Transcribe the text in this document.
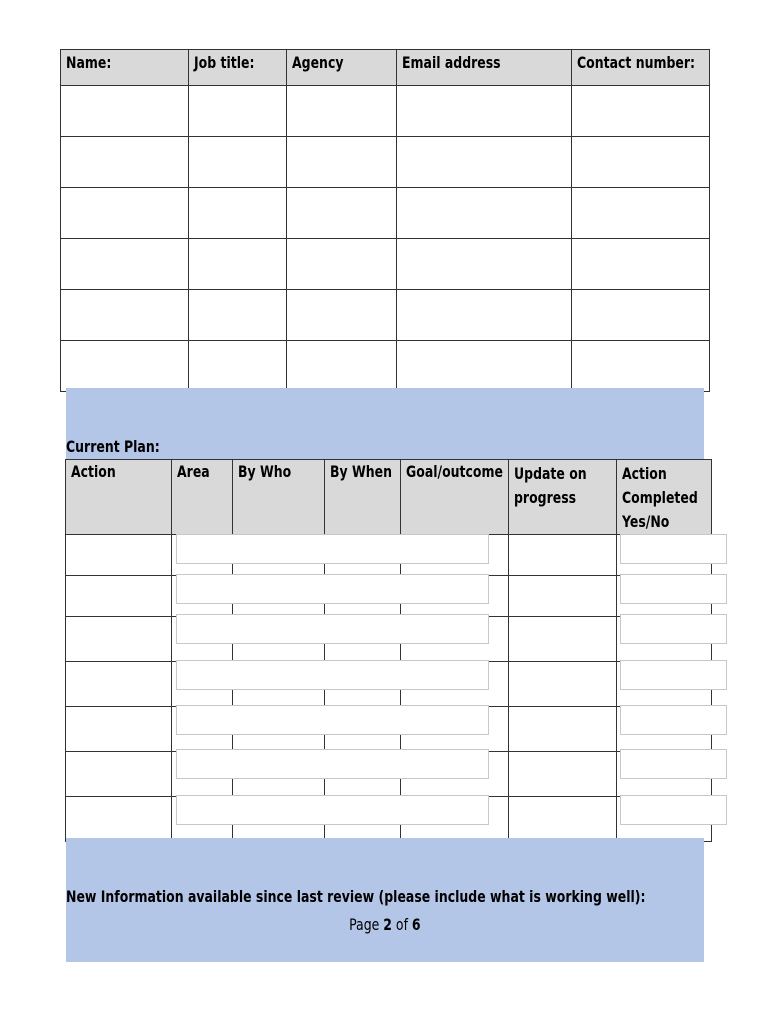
Name:	Job title:	Agency	Email address	Contact number:

Current Plan:
Action	Area	By Who	By When	Goal/outcome	Update on progress	Action Completed Yes/No

New Information available since last review (please include what is working well):
Page 2 of 6
